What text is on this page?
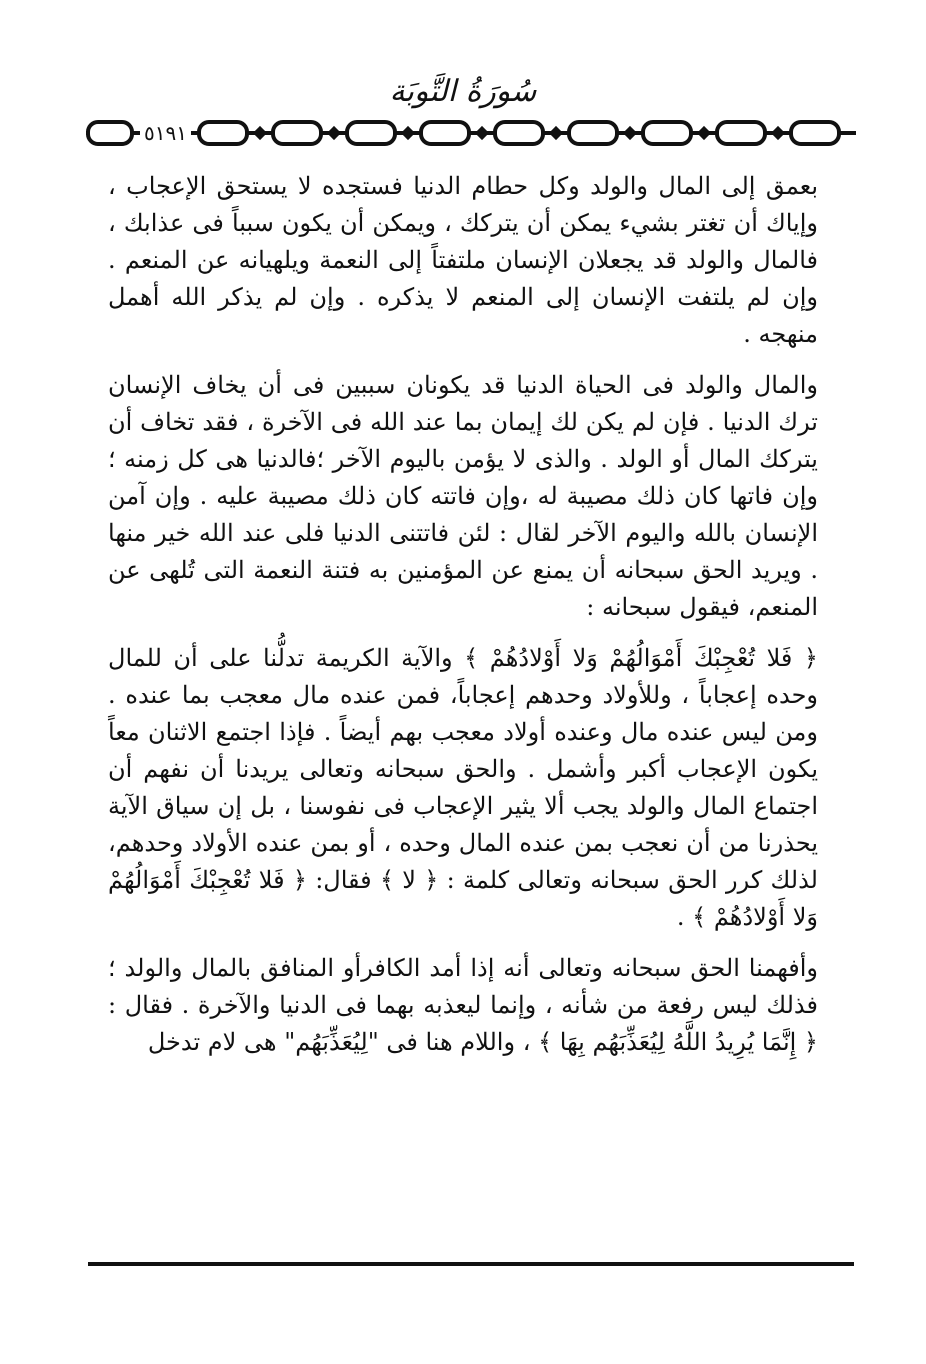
سُورَةُ التَّوبَة
٥١٩١

بعمق إلى المال والولد وكل حطام الدنيا فستجده لا يستحق الإعجاب ، وإياك أن تغتر بشيء يمكن أن يتركك ، ويمكن أن يكون سبباً فى عذابك ، فالمال والولد قد يجعلان الإنسان ملتفتاً إلى النعمة ويلهيانه عن المنعم . وإن لم يلتفت الإنسان إلى المنعم لا يذكره . وإن لم يذكر الله أهمل منهجه .

والمال والولد فى الحياة الدنيا قد يكونان سببين فى أن يخاف الإنسان ترك الدنيا . فإن لم يكن لك إيمان بما عند الله فى الآخرة ، فقد تخاف أن يتركك المال أو الولد . والذى لا يؤمن باليوم الآخر ؛فالدنيا هى كل زمنه ؛ وإن فاتها كان ذلك مصيبة له ،وإن فاتته كان ذلك مصيبة عليه . وإن آمن الإنسان بالله واليوم الآخر لقال : لئن فاتتنى الدنيا فلى عند الله خير منها . ويريد الحق سبحانه أن يمنع عن المؤمنين به فتنة النعمة التى تُلهى عن المنعم، فيقول سبحانه :

﴿ فَلا تُعْجِبْكَ أَمْوَالُهُمْ وَلا أَوْلادُهُمْ ﴾ والآية الكريمة تدلُّنا على أن للمال وحده إعجاباً ، وللأولاد وحدهم إعجاباً، فمن عنده مال معجب بما عنده . ومن ليس عنده مال وعنده أولاد معجب بهم أيضاً . فإذا اجتمع الاثنان معاً يكون الإعجاب أكبر وأشمل . والحق سبحانه وتعالى يريدنا أن نفهم أن اجتماع المال والولد يجب ألا يثير الإعجاب فى نفوسنا ، بل إن سياق الآية يحذرنا من أن نعجب بمن عنده المال وحده ، أو بمن عنده الأولاد وحدهم، لذلك كرر الحق سبحانه وتعالى كلمة : ﴿ لا ﴾ فقال: ﴿ فَلا تُعْجِبْكَ أَمْوَالُهُمْ وَلا أَوْلادُهُمْ ﴾ .

وأفهمنا الحق سبحانه وتعالى أنه إذا أمد الكافرأو المنافق بالمال والولد ؛ فذلك ليس رفعة من شأنه ، وإنما ليعذبه بهما فى الدنيا والآخرة . فقال : ﴿ إِنَّمَا يُرِيدُ اللَّهُ لِيُعَذِّبَهُم بِهَا ﴾ ، واللام هنا فى "لِيُعَذِّبَهُم" هى لام تدخل
